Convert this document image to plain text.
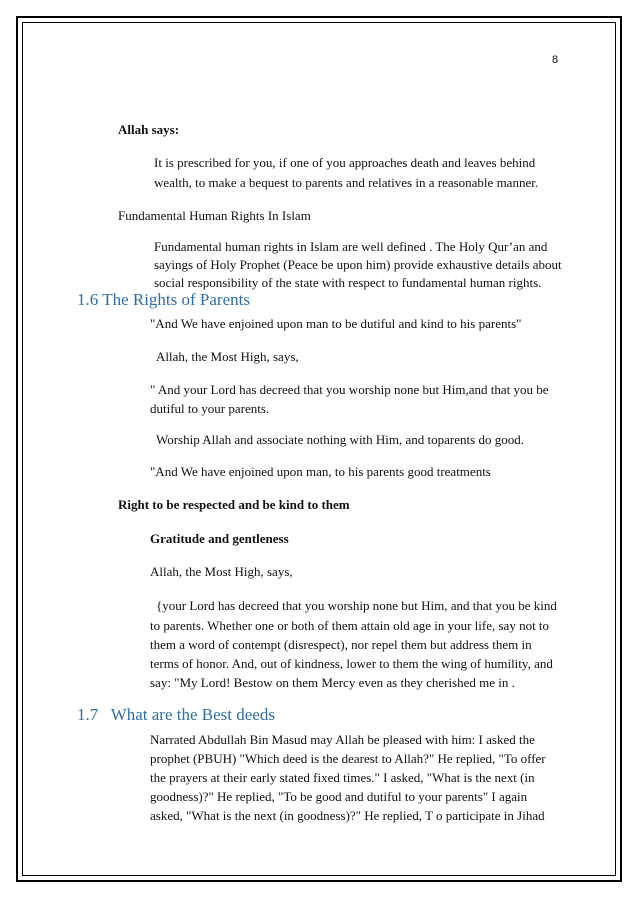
8
Allah says:
It is prescribed for you, if one of you approaches death and leaves behind
wealth, to make a bequest to parents and relatives in a reasonable manner.
Fundamental Human Rights In Islam
Fundamental human rights in Islam are well defined . The Holy Qur’an and
sayings of Holy Prophet (Peace be upon him) provide exhaustive details about
social responsibility of the state with respect to fundamental human rights.
1.6 The Rights of Parents
"And We have enjoined upon man to be dutiful and kind to his parents"
Allah, the Most High, says,
" And your Lord has decreed that you worship none but Him,and that you be
dutiful to your parents.
Worship Allah and associate nothing with Him, and toparents do good.
"And We have enjoined upon man, to his parents good treatments
Right to be respected and be kind to them
Gratitude and gentleness
Allah, the Most High, says,
{your Lord has decreed that you worship none but Him, and that you be kind
to parents. Whether one or both of them attain old age in your life, say not to
them a word of contempt (disrespect), nor repel them but address them in
terms of honor. And, out of kindness, lower to them the wing of humility, and
say: "My Lord! Bestow on them Mercy even as they cherished me in .
1.7   What are the Best deeds
Narrated Abdullah Bin Masud may Allah be pleased with him: I asked the
prophet (PBUH) "Which deed is the dearest to Allah?" He replied, "To offer
the prayers at their early stated fixed times." I asked, "What is the next (in
goodness)?" He replied, "To be good and dutiful to your parents" I again
asked, "What is the next (in goodness)?" He replied, T o participate in Jihad
